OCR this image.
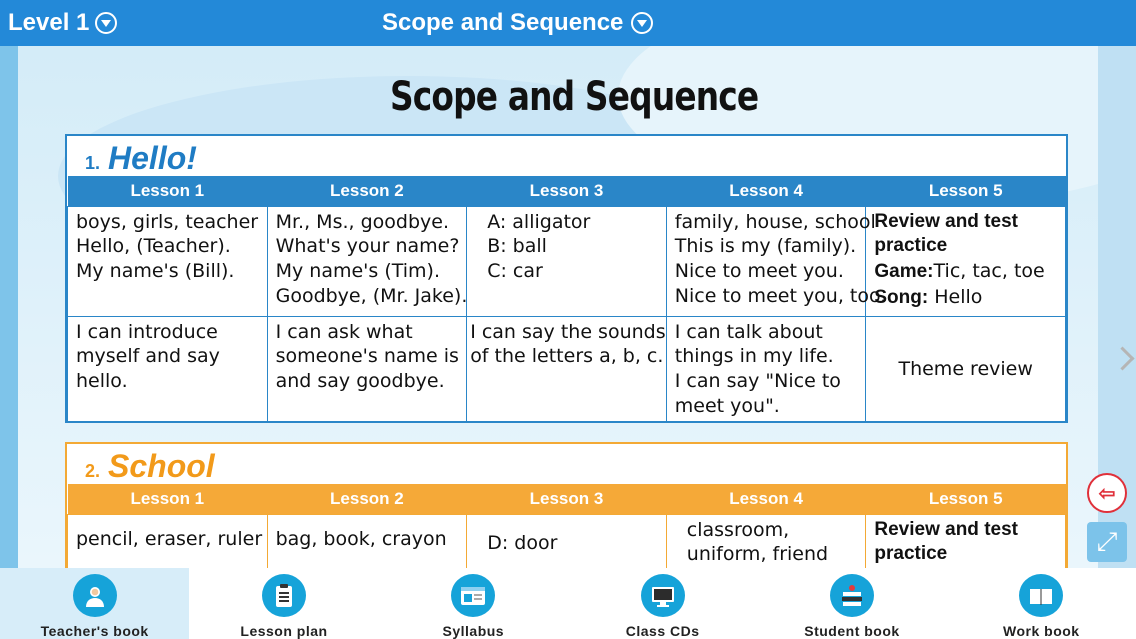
Level 1	Scope and Sequence
Scope and Sequence
1. Hello!
Lesson 1	Lesson 2	Lesson 3	Lesson 4	Lesson 5

boys, girls, teacher
Hello, (Teacher).
My name's (Bill).	Mr., Ms., goodbye.
What's your name?
My name's (Tim).
Goodbye, (Mr. Jake).	A: alligator
B: ball
C: car	family, house, school
This is my (family).
Nice to meet you.
Nice to meet you, too.	Review and test practice
Game:Tic, tac, toe
Song: Hello

I can introduce
myself and say
hello.	I can ask what
someone's name is
and say goodbye.	I can say the sounds
of the letters a, b, c.	I can talk about
things in my life.
I can say "Nice to
meet you".	Theme review
2. School
Lesson 1	Lesson 2	Lesson 3	Lesson 4	Lesson 5

pencil, eraser, ruler	bag, book, crayon	D: door	classroom,
uniform, friend	Review and test practice
⇦
⤢
Teacher's book	Lesson plan	Syllabus	Class CDs	Student book	Work book
